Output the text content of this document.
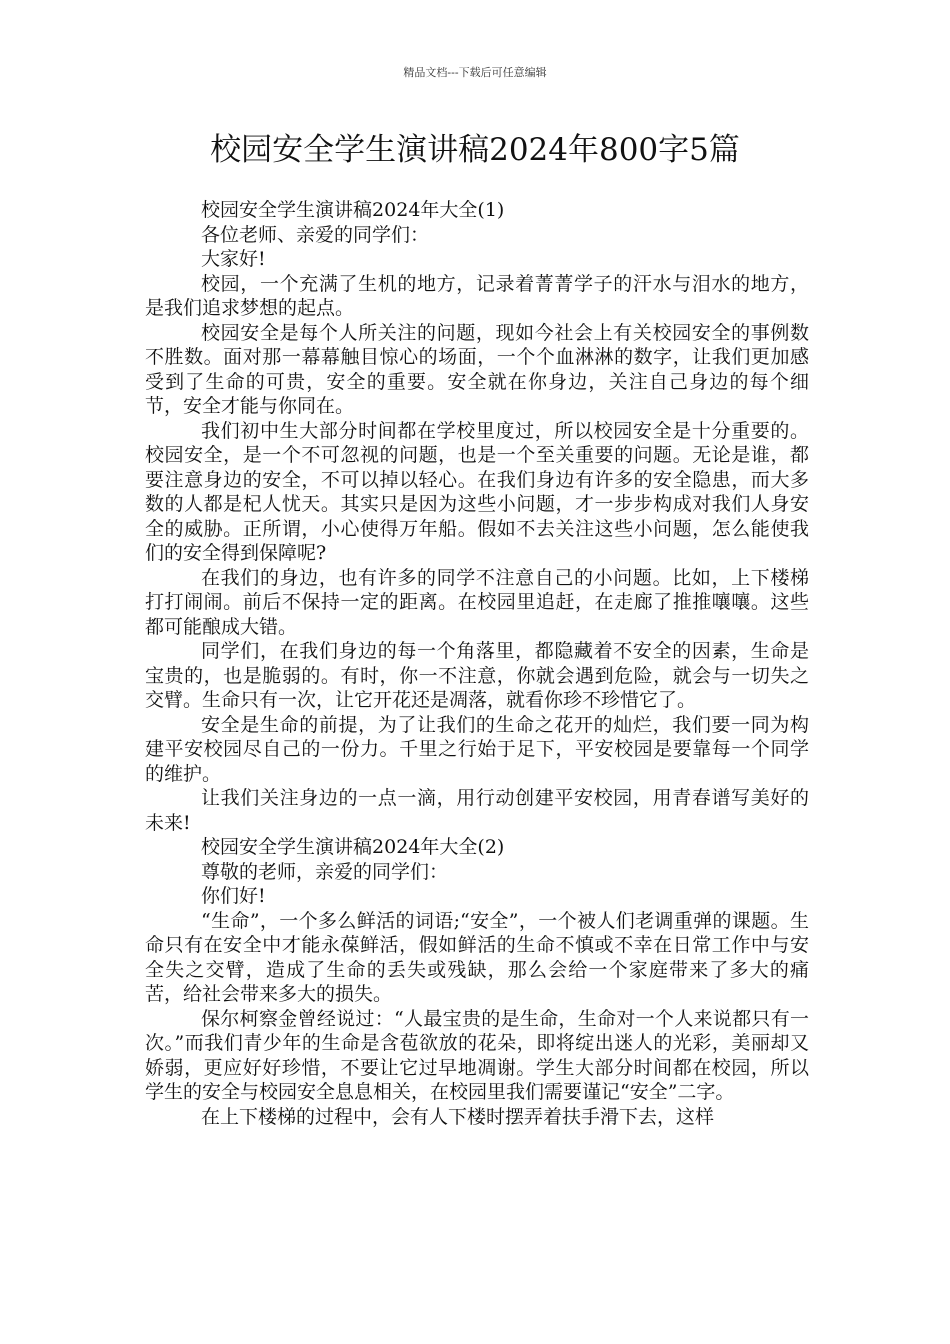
精品文档---下载后可任意编辑
校园安全学生演讲稿2024年800字5篇

校园安全学生演讲稿2024年大全(1)

各位老师、亲爱的同学们：

大家好!

校园，一个充满了生机的地方，记录着菁菁学子的汗水与泪水的地方，是我们追求梦想的起点。

校园安全是每个人所关注的问题，现如今社会上有关校园安全的事例数不胜数。面对那一幕幕触目惊心的场面，一个个血淋淋的数字，让我们更加感受到了生命的可贵，安全的重要。安全就在你身边，关注自己身边的每个细节，安全才能与你同在。

我们初中生大部分时间都在学校里度过，所以校园安全是十分重要的。校园安全，是一个不可忽视的问题，也是一个至关重要的问题。无论是谁，都要注意身边的安全，不可以掉以轻心。在我们身边有许多的安全隐患，而大多数的人都是杞人忧天。其实只是因为这些小问题，才一步步构成对我们人身安全的威胁。正所谓，小心使得万年船。假如不去关注这些小问题，怎么能使我们的安全得到保障呢?

在我们的身边，也有许多的同学不注意自己的小问题。比如，上下楼梯打打闹闹。前后不保持一定的距离。在校园里追赶，在走廊了推推嚷嚷。这些都可能酿成大错。

同学们，在我们身边的每一个角落里，都隐藏着不安全的因素，生命是宝贵的，也是脆弱的。有时，你一不注意，你就会遇到危险，就会与一切失之交臂。生命只有一次，让它开花还是凋落，就看你珍不珍惜它了。

安全是生命的前提，为了让我们的生命之花开的灿烂，我们要一同为构建平安校园尽自己的一份力。千里之行始于足下，平安校园是要靠每一个同学的维护。

让我们关注身边的一点一滴，用行动创建平安校园，用青春谱写美好的未来!

校园安全学生演讲稿2024年大全(2)

尊敬的老师，亲爱的同学们：

你们好!

“生命”，一个多么鲜活的词语;“安全”，一个被人们老调重弹的课题。生命只有在安全中才能永葆鲜活，假如鲜活的生命不慎或不幸在日常工作中与安全失之交臂，造成了生命的丢失或残缺，那么会给一个家庭带来了多大的痛苦，给社会带来多大的损失。

保尔柯察金曾经说过：“人最宝贵的是生命，生命对一个人来说都只有一次。”而我们青少年的生命是含苞欲放的花朵，即将绽出迷人的光彩，美丽却又娇弱，更应好好珍惜，不要让它过早地凋谢。学生大部分时间都在校园，所以学生的安全与校园安全息息相关，在校园里我们需要谨记“安全”二字。

在上下楼梯的过程中，会有人下楼时摆弄着扶手滑下去，这样
